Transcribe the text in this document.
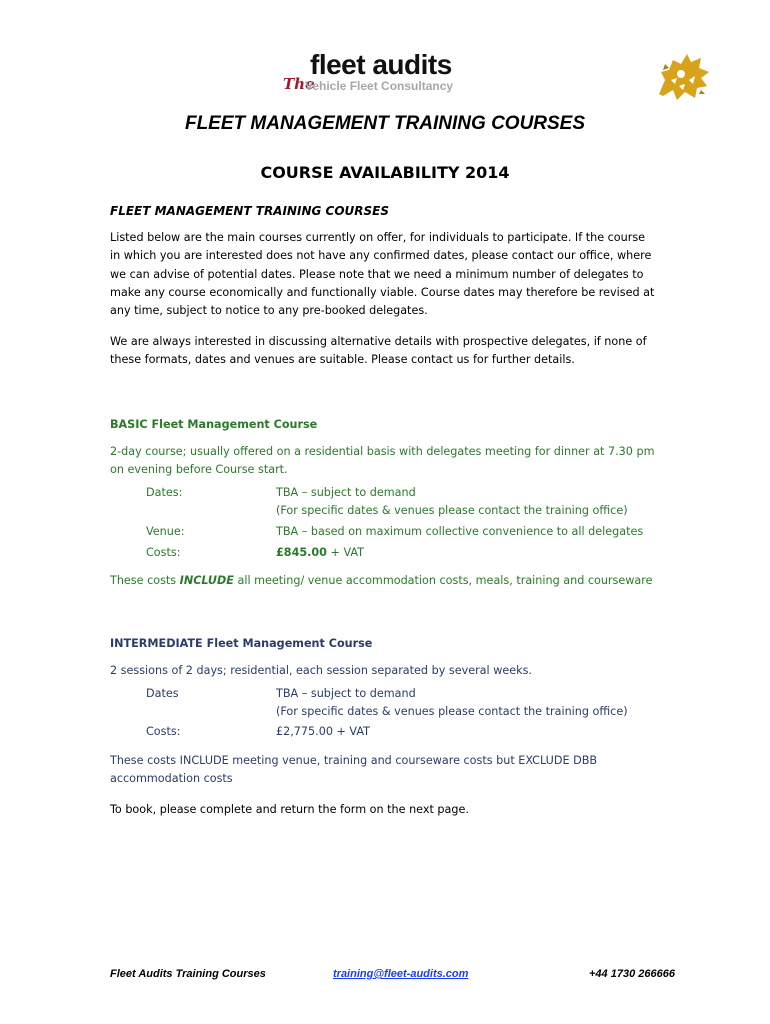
The
fleet audits
Vehicle Fleet Consultancy
FLEET MANAGEMENT TRAINING COURSES
COURSE AVAILABILITY 2014
FLEET MANAGEMENT TRAINING COURSES
Listed below are the main courses currently on offer, for individuals to participate. If the course
in which you are interested does not have any confirmed dates, please contact our office, where
we can advise of potential dates. Please note that we need a minimum number of delegates to
make any course economically and functionally viable. Course dates may therefore be revised at
any time, subject to notice to any pre-booked delegates.
We are always interested in discussing alternative details with prospective delegates, if none of
these formats, dates and venues are suitable. Please contact us for further details.
BASIC Fleet Management Course
2-day course; usually offered on a residential basis with delegates meeting for dinner at 7.30 pm
on evening before Course start.
Dates:	TBA – subject to demand
(For specific dates & venues please contact the training office)
Venue:	TBA – based on maximum collective convenience to all delegates
Costs:	£845.00 + VAT
These costs INCLUDE all meeting/ venue accommodation costs, meals, training and courseware
INTERMEDIATE Fleet Management Course
2 sessions of 2 days; residential, each session separated by several weeks.
Dates	TBA – subject to demand
(For specific dates & venues please contact the training office)
Costs:	£2,775.00 + VAT
These costs INCLUDE meeting venue, training and courseware costs but EXCLUDE DBB
accommodation costs
To book, please complete and return the form on the next page.
Fleet Audits Training Courses	training@fleet-audits.com	+44 1730 266666
